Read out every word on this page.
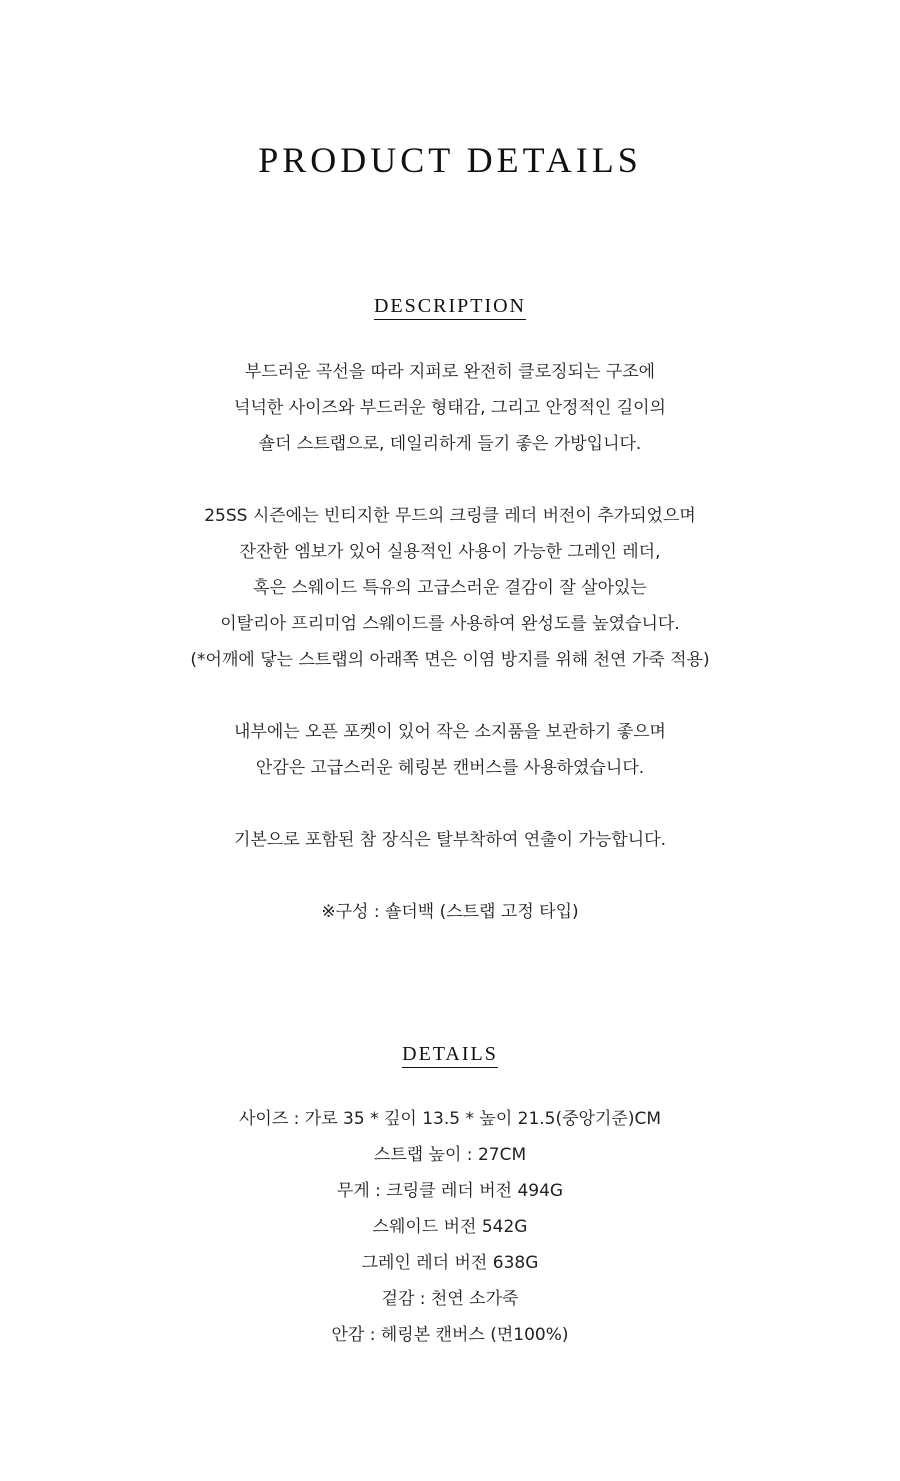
PRODUCT DETAILS
DESCRIPTION
부드러운 곡선을 따라 지퍼로 완전히 클로징되는 구조에
넉넉한 사이즈와 부드러운 형태감, 그리고 안정적인 길이의
숄더 스트랩으로, 데일리하게 들기 좋은 가방입니다.
25SS 시즌에는 빈티지한 무드의 크링클 레더 버전이 추가되었으며
잔잔한 엠보가 있어 실용적인 사용이 가능한 그레인 레더,
혹은 스웨이드 특유의 고급스러운 결감이 잘 살아있는
이탈리아 프리미엄 스웨이드를 사용하여 완성도를 높였습니다.
(*어깨에 닿는 스트랩의 아래쪽 면은 이염 방지를 위해 천연 가죽 적용)
내부에는 오픈 포켓이 있어 작은 소지품을 보관하기 좋으며
안감은 고급스러운 헤링본 캔버스를 사용하였습니다.
기본으로 포함된 참 장식은 탈부착하여 연출이 가능합니다.
※구성 : 숄더백 (스트랩 고정 타입)
DETAILS
사이즈 : 가로 35 * 깊이 13.5 * 높이 21.5(중앙기준)CM
스트랩 높이 : 27CM
무게 : 크링클 레더 버전 494G
스웨이드 버전 542G
그레인 레더 버전 638G
겉감 : 천연 소가죽
안감 : 헤링본 캔버스 (면100%)
